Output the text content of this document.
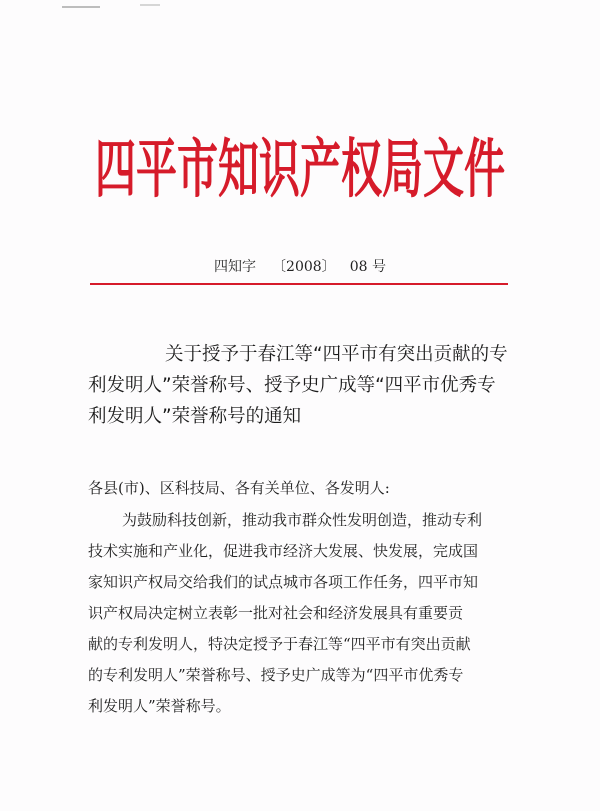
四平市知识产权局文件
四知字 〔2008〕 08 号
关于授予于春江等“四平市有突出贡献的专
利发明人”荣誉称号、授予史广成等“四平市优秀专
利发明人”荣誉称号的通知
各县(市)、区科技局、各有关单位、各发明人:
为鼓励科技创新，推动我市群众性发明创造，推动专利
技术实施和产业化，促进我市经济大发展、快发展，完成国
家知识产权局交给我们的试点城市各项工作任务，四平市知
识产权局决定树立表彰一批对社会和经济发展具有重要贡
献的专利发明人，特决定授予于春江等“四平市有突出贡献
的专利发明人”荣誉称号、授予史广成等为“四平市优秀专
利发明人”荣誉称号。
